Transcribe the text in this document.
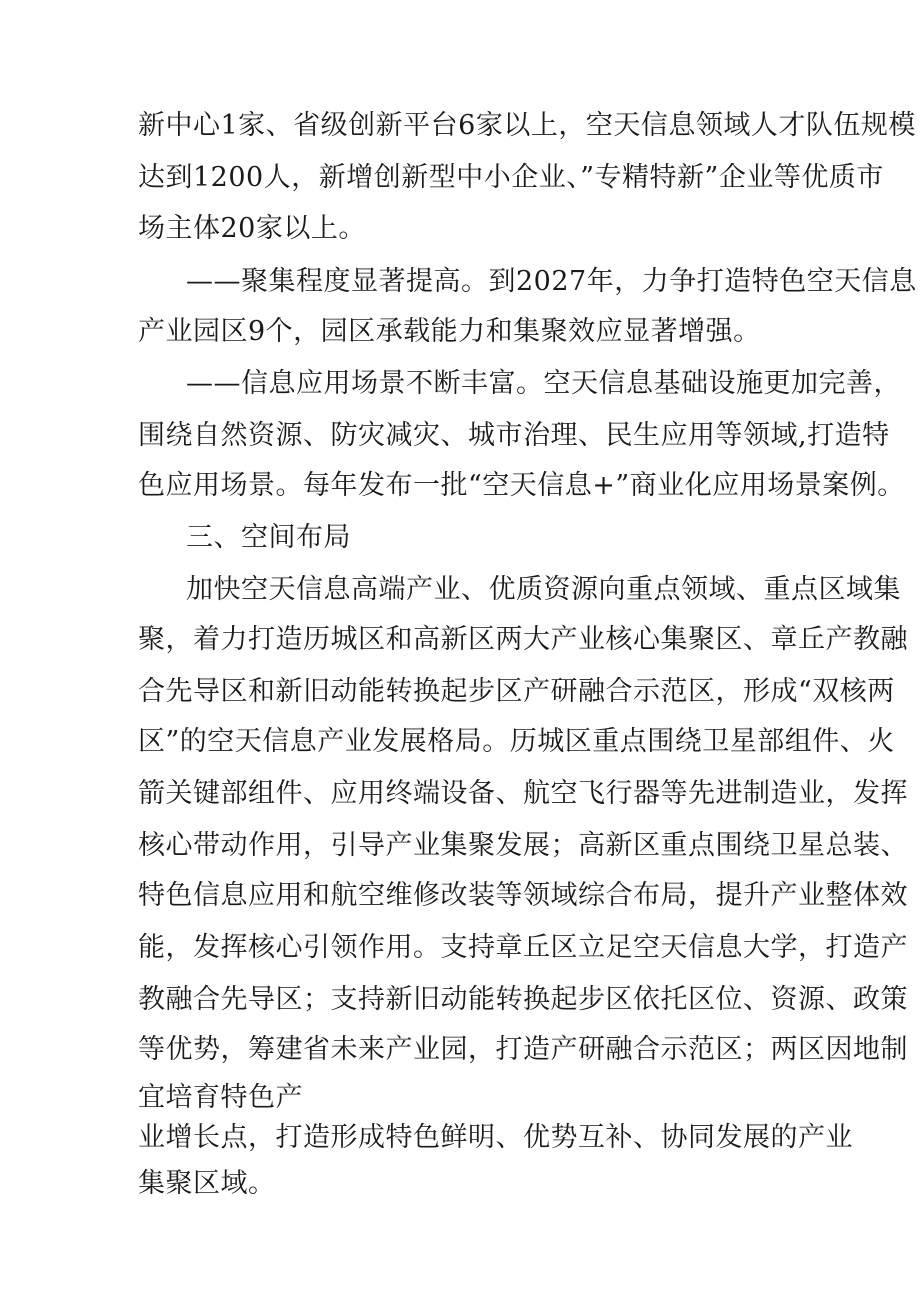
新中心1家、省级创新平台6家以上，空天信息领域人才队伍规模
达到1200人，新增创新型中小企业、”专精特新”企业等优质市
场主体20家以上。
——聚集程度显著提高。到2027年，力争打造特色空天信息
产业园区9个，园区承载能力和集聚效应显著增强。
——信息应用场景不断丰富。空天信息基础设施更加完善，
围绕自然资源、防灾减灾、城市治理、民生应用等领域,打造特
色应用场景。每年发布一批“空天信息+”商业化应用场景案例。
三、空间布局
加快空天信息高端产业、优质资源向重点领域、重点区域集
聚，着力打造历城区和高新区两大产业核心集聚区、章丘产教融
合先导区和新旧动能转换起步区产研融合示范区，形成“双核两
区”的空天信息产业发展格局。历城区重点围绕卫星部组件、火
箭关键部组件、应用终端设备、航空飞行器等先进制造业，发挥
核心带动作用，引导产业集聚发展；高新区重点围绕卫星总装、
特色信息应用和航空维修改装等领域综合布局，提升产业整体效
能，发挥核心引领作用。支持章丘区立足空天信息大学，打造产
教融合先导区；支持新旧动能转换起步区依托区位、资源、政策
等优势，筹建省未来产业园，打造产研融合示范区；两区因地制
宜培育特色产
业增长点，打造形成特色鲜明、优势互补、协同发展的产业
集聚区域。
